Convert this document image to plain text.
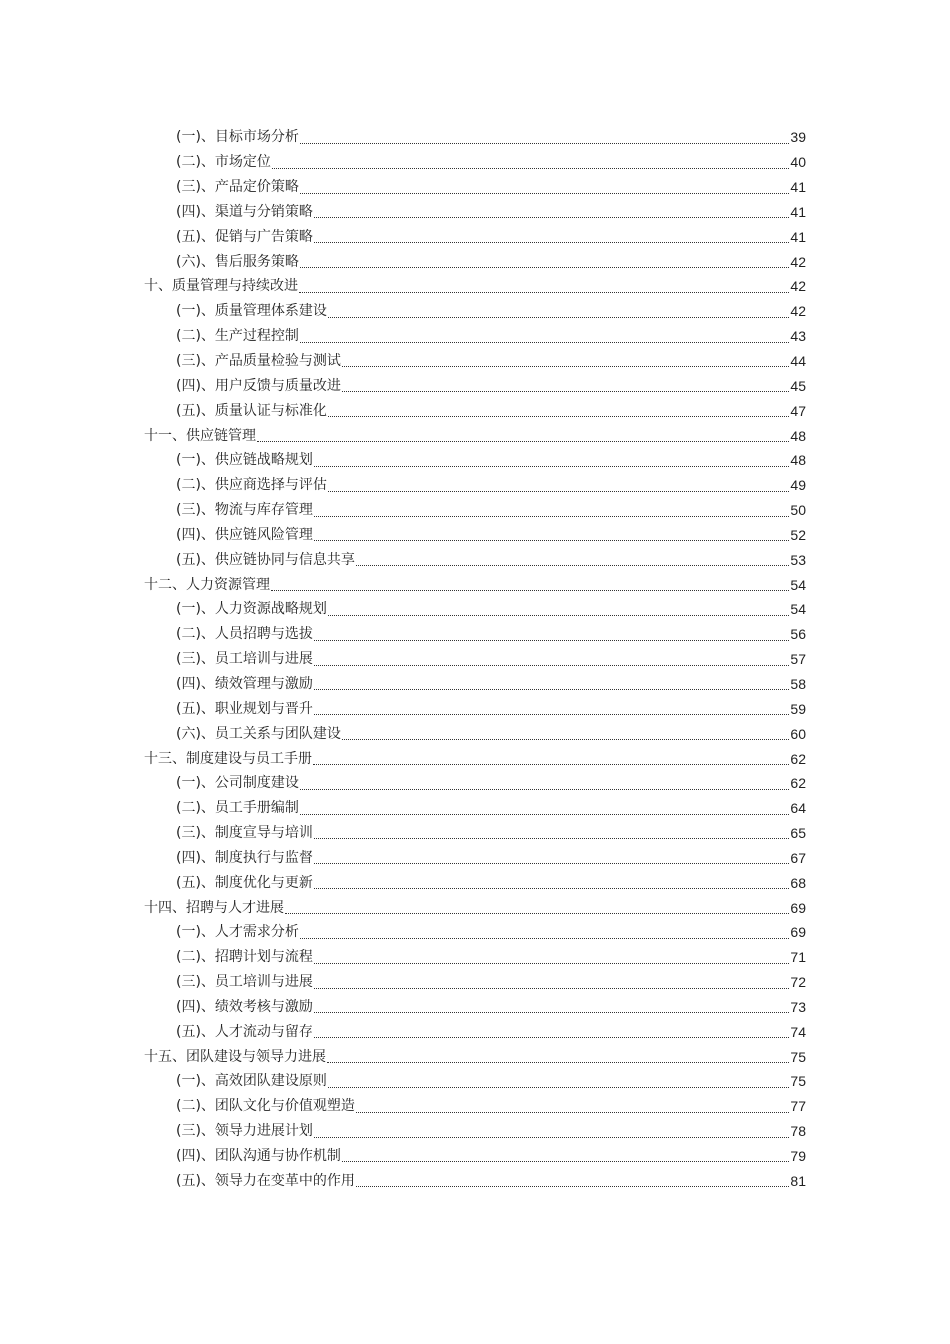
(一)、目标市场分析	39
(二)、市场定位	40
(三)、产品定价策略	41
(四)、渠道与分销策略	41
(五)、促销与广告策略	41
(六)、售后服务策略	42
十、质量管理与持续改进	42
(一)、质量管理体系建设	42
(二)、生产过程控制	43
(三)、产品质量检验与测试	44
(四)、用户反馈与质量改进	45
(五)、质量认证与标准化	47
十一、供应链管理	48
(一)、供应链战略规划	48
(二)、供应商选择与评估	49
(三)、物流与库存管理	50
(四)、供应链风险管理	52
(五)、供应链协同与信息共享	53
十二、人力资源管理	54
(一)、人力资源战略规划	54
(二)、人员招聘与选拔	56
(三)、员工培训与进展	57
(四)、绩效管理与激励	58
(五)、职业规划与晋升	59
(六)、员工关系与团队建设	60
十三、制度建设与员工手册	62
(一)、公司制度建设	62
(二)、员工手册编制	64
(三)、制度宣导与培训	65
(四)、制度执行与监督	67
(五)、制度优化与更新	68
十四、招聘与人才进展	69
(一)、人才需求分析	69
(二)、招聘计划与流程	71
(三)、员工培训与进展	72
(四)、绩效考核与激励	73
(五)、人才流动与留存	74
十五、团队建设与领导力进展	75
(一)、高效团队建设原则	75
(二)、团队文化与价值观塑造	77
(三)、领导力进展计划	78
(四)、团队沟通与协作机制	79
(五)、领导力在变革中的作用	81
